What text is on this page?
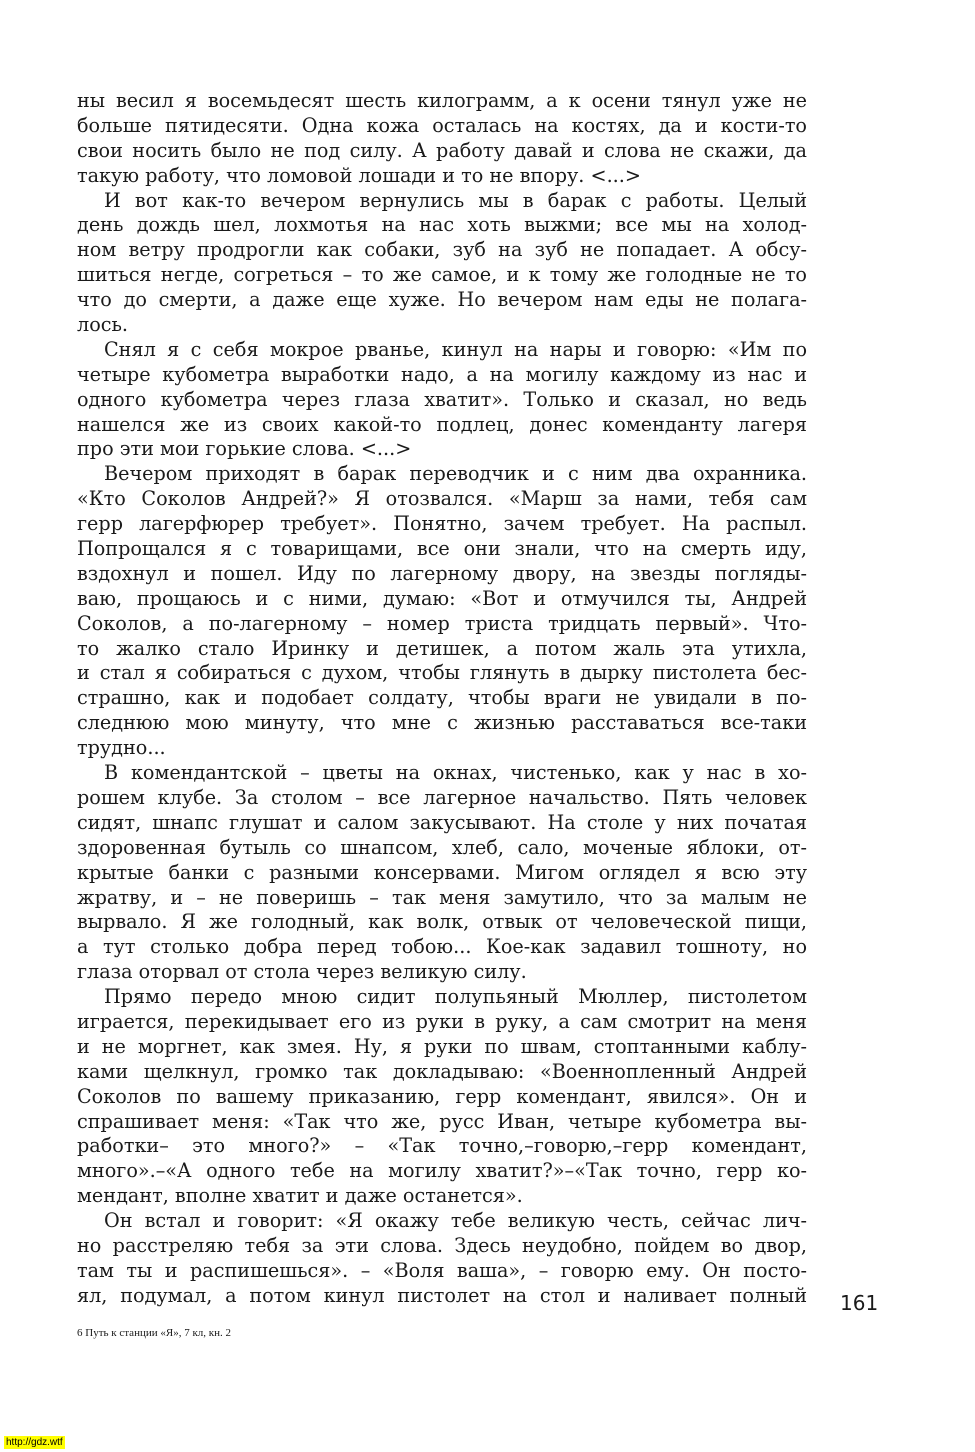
ны весил я восемьдесят шесть килограмм, а к осени тянул уже не
больше пятидесяти. Одна кожа осталась на костях, да и кости-то
свои носить было не под силу. А работу давай и слова не скажи, да
такую работу, что ломовой лошади и то не впору. <...>
И вот как-то вечером вернулись мы в барак с работы. Целый
день дождь шел, лохмотья на нас хоть выжми; все мы на холод-
ном ветру продрогли как собаки, зуб на зуб не попадает. А обсу-
шиться негде, согреться – то же самое, и к тому же голодные не то
что до смерти, а даже еще хуже. Но вечером нам еды не полага-
лось.
Снял я с себя мокрое рванье, кинул на нары и говорю: «Им по
четыре кубометра выработки надо, а на могилу каждому из нас и
одного кубометра через глаза хватит». Только и сказал, но ведь
нашелся же из своих какой-то подлец, донес коменданту лагеря
про эти мои горькие слова. <...>
Вечером приходят в барак переводчик и с ним два охранника.
«Кто Соколов Андрей?» Я отозвался. «Марш за нами, тебя сам
герр лагерфюрер требует». Понятно, зачем требует. На распыл.
Попрощался я с товарищами, все они знали, что на смерть иду,
вздохнул и пошел. Иду по лагерному двору, на звезды погляды-
ваю, прощаюсь и с ними, думаю: «Вот и отмучился ты, Андрей
Соколов, а по-лагерному – номер триста тридцать первый». Что-
то жалко стало Иринку и детишек, а потом жаль эта утихла,
и стал я собираться с духом, чтобы глянуть в дырку пистолета бес-
страшно, как и подобает солдату, чтобы враги не увидали в по-
следнюю мою минуту, что мне с жизнью расставаться все-таки
трудно...
В комендантской – цветы на окнах, чистенько, как у нас в хо-
рошем клубе. За столом – все лагерное начальство. Пять человек
сидят, шнапс глушат и салом закусывают. На столе у них початая
здоровенная бутыль со шнапсом, хлеб, сало, моченые яблоки, от-
крытые банки с разными консервами. Мигом оглядел я всю эту
жратву, и – не поверишь – так меня замутило, что за малым не
вырвало. Я же голодный, как волк, отвык от человеческой пищи,
а тут столько добра перед тобою... Кое-как задавил тошноту, но
глаза оторвал от стола через великую силу.
Прямо передо мною сидит полупьяный Мюллер, пистолетом
играется, перекидывает его из руки в руку, а сам смотрит на меня
и не моргнет, как змея. Ну, я руки по швам, стоптанными каблу-
ками щелкнул, громко так докладываю: «Военнопленный Андрей
Соколов по вашему приказанию, герр комендант, явился». Он и
спрашивает меня: «Так что же, русс Иван, четыре кубометра вы-
работки– это много?» – «Так точно,–говорю,–герр комендант,
много».–«А одного тебе на могилу хватит?»–«Так точно, герр ко-
мендант, вполне хватит и даже останется».
Он встал и говорит: «Я окажу тебе великую честь, сейчас лич-
но расстреляю тебя за эти слова. Здесь неудобно, пойдем во двор,
там ты и распишешься». – «Воля ваша», – говорю ему. Он посто-
ял, подумал, а потом кинул пистолет на стол и наливает полный 161
6 Путь к станции «Я», 7 кл, кн. 2
http://gdz.wtf
